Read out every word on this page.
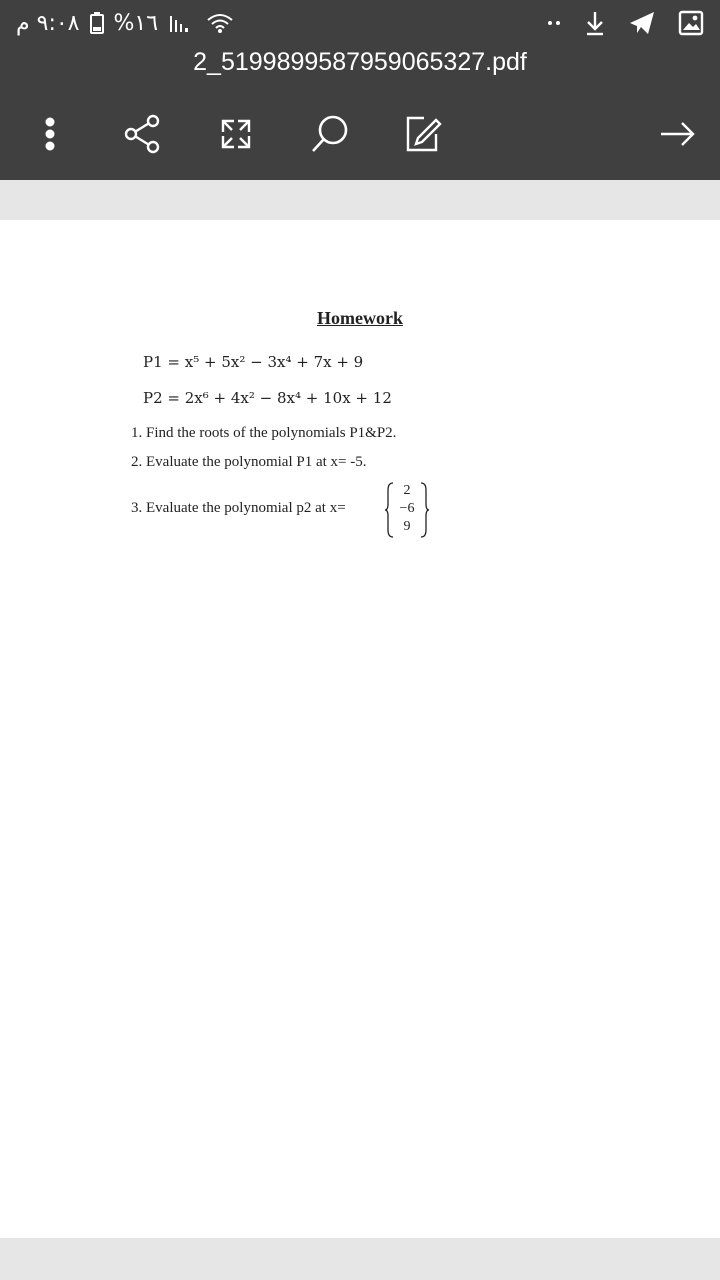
٩:٠٨ م %١٦
2_5199899587959065327.pdf
Homework
P1 = x⁵ + 5x² − 3x⁴ + 7x + 9
P2 = 2x⁶ + 4x² − 8x⁴ + 10x + 12
1. Find the roots of the polynomials P1&P2.
2. Evaluate the polynomial P1 at x= -5.
3. Evaluate the polynomial p2 at x=
2
−6
9
